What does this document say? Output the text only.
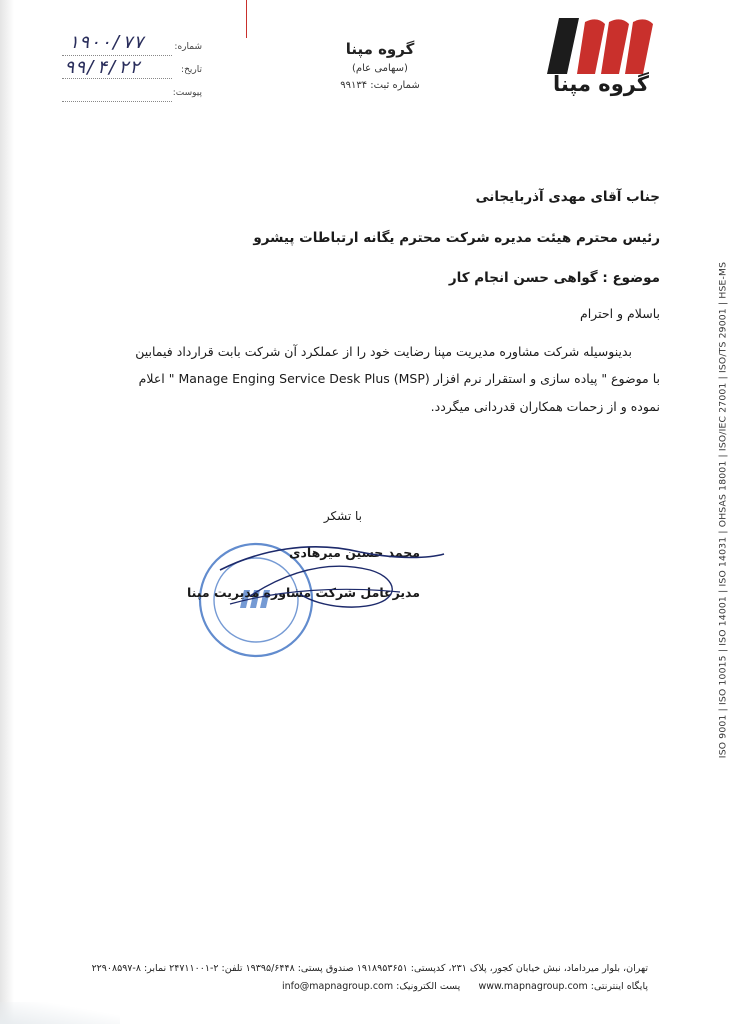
گروه مپنا
گروه مپنا
(سهامی عام)
شماره ثبت: ۹۹۱۳۴
شماره:
تاریخ:
پیوست:
۱۹۰۰/۷۷
۹۹/۴/۲۲
جناب آقای مهدی آذربایجانی
رئیس محترم هیئت مدیره شرکت محترم یگانه ارتباطات پیشرو
موضوع : گواهی حسن انجام کار
باسلام و احترام
بدینوسیله شرکت مشاوره مدیریت مپنا رضایت خود را از عملکرد آن شرکت بابت قرارداد فیمابین
با موضوع " پیاده سازی و استقرار نرم افزار Manage Enging Service Desk Plus (MSP) " اعلام
نموده و از زحمات همکاران قدردانی میگردد.
با تشکر
محمد حسین میرهادی
مدیرعامل شرکت مشاوره مدیریت مپنا	ISO 9001 | ISO 10015 | ISO 14001 | ISO 14031 | OHSAS 18001 | ISO/IEC 27001 | ISO/TS 29001 | HSE-MS
تهران، بلوار میرداماد، نبش خیابان کجور، پلاک ۲۳۱، کدپستی: ۱۹۱۸۹۵۳۶۵۱ صندوق پستی: ۱۹۳۹۵/۶۴۴۸ تلفن: ۲-۲۴۷۱۱۰۰۱ نمابر: ۸-۲۲۹۰۸۵۹۷
پایگاه اینترنتی: www.mapnagroup.com      پست الکترونیک: info@mapnagroup.com
